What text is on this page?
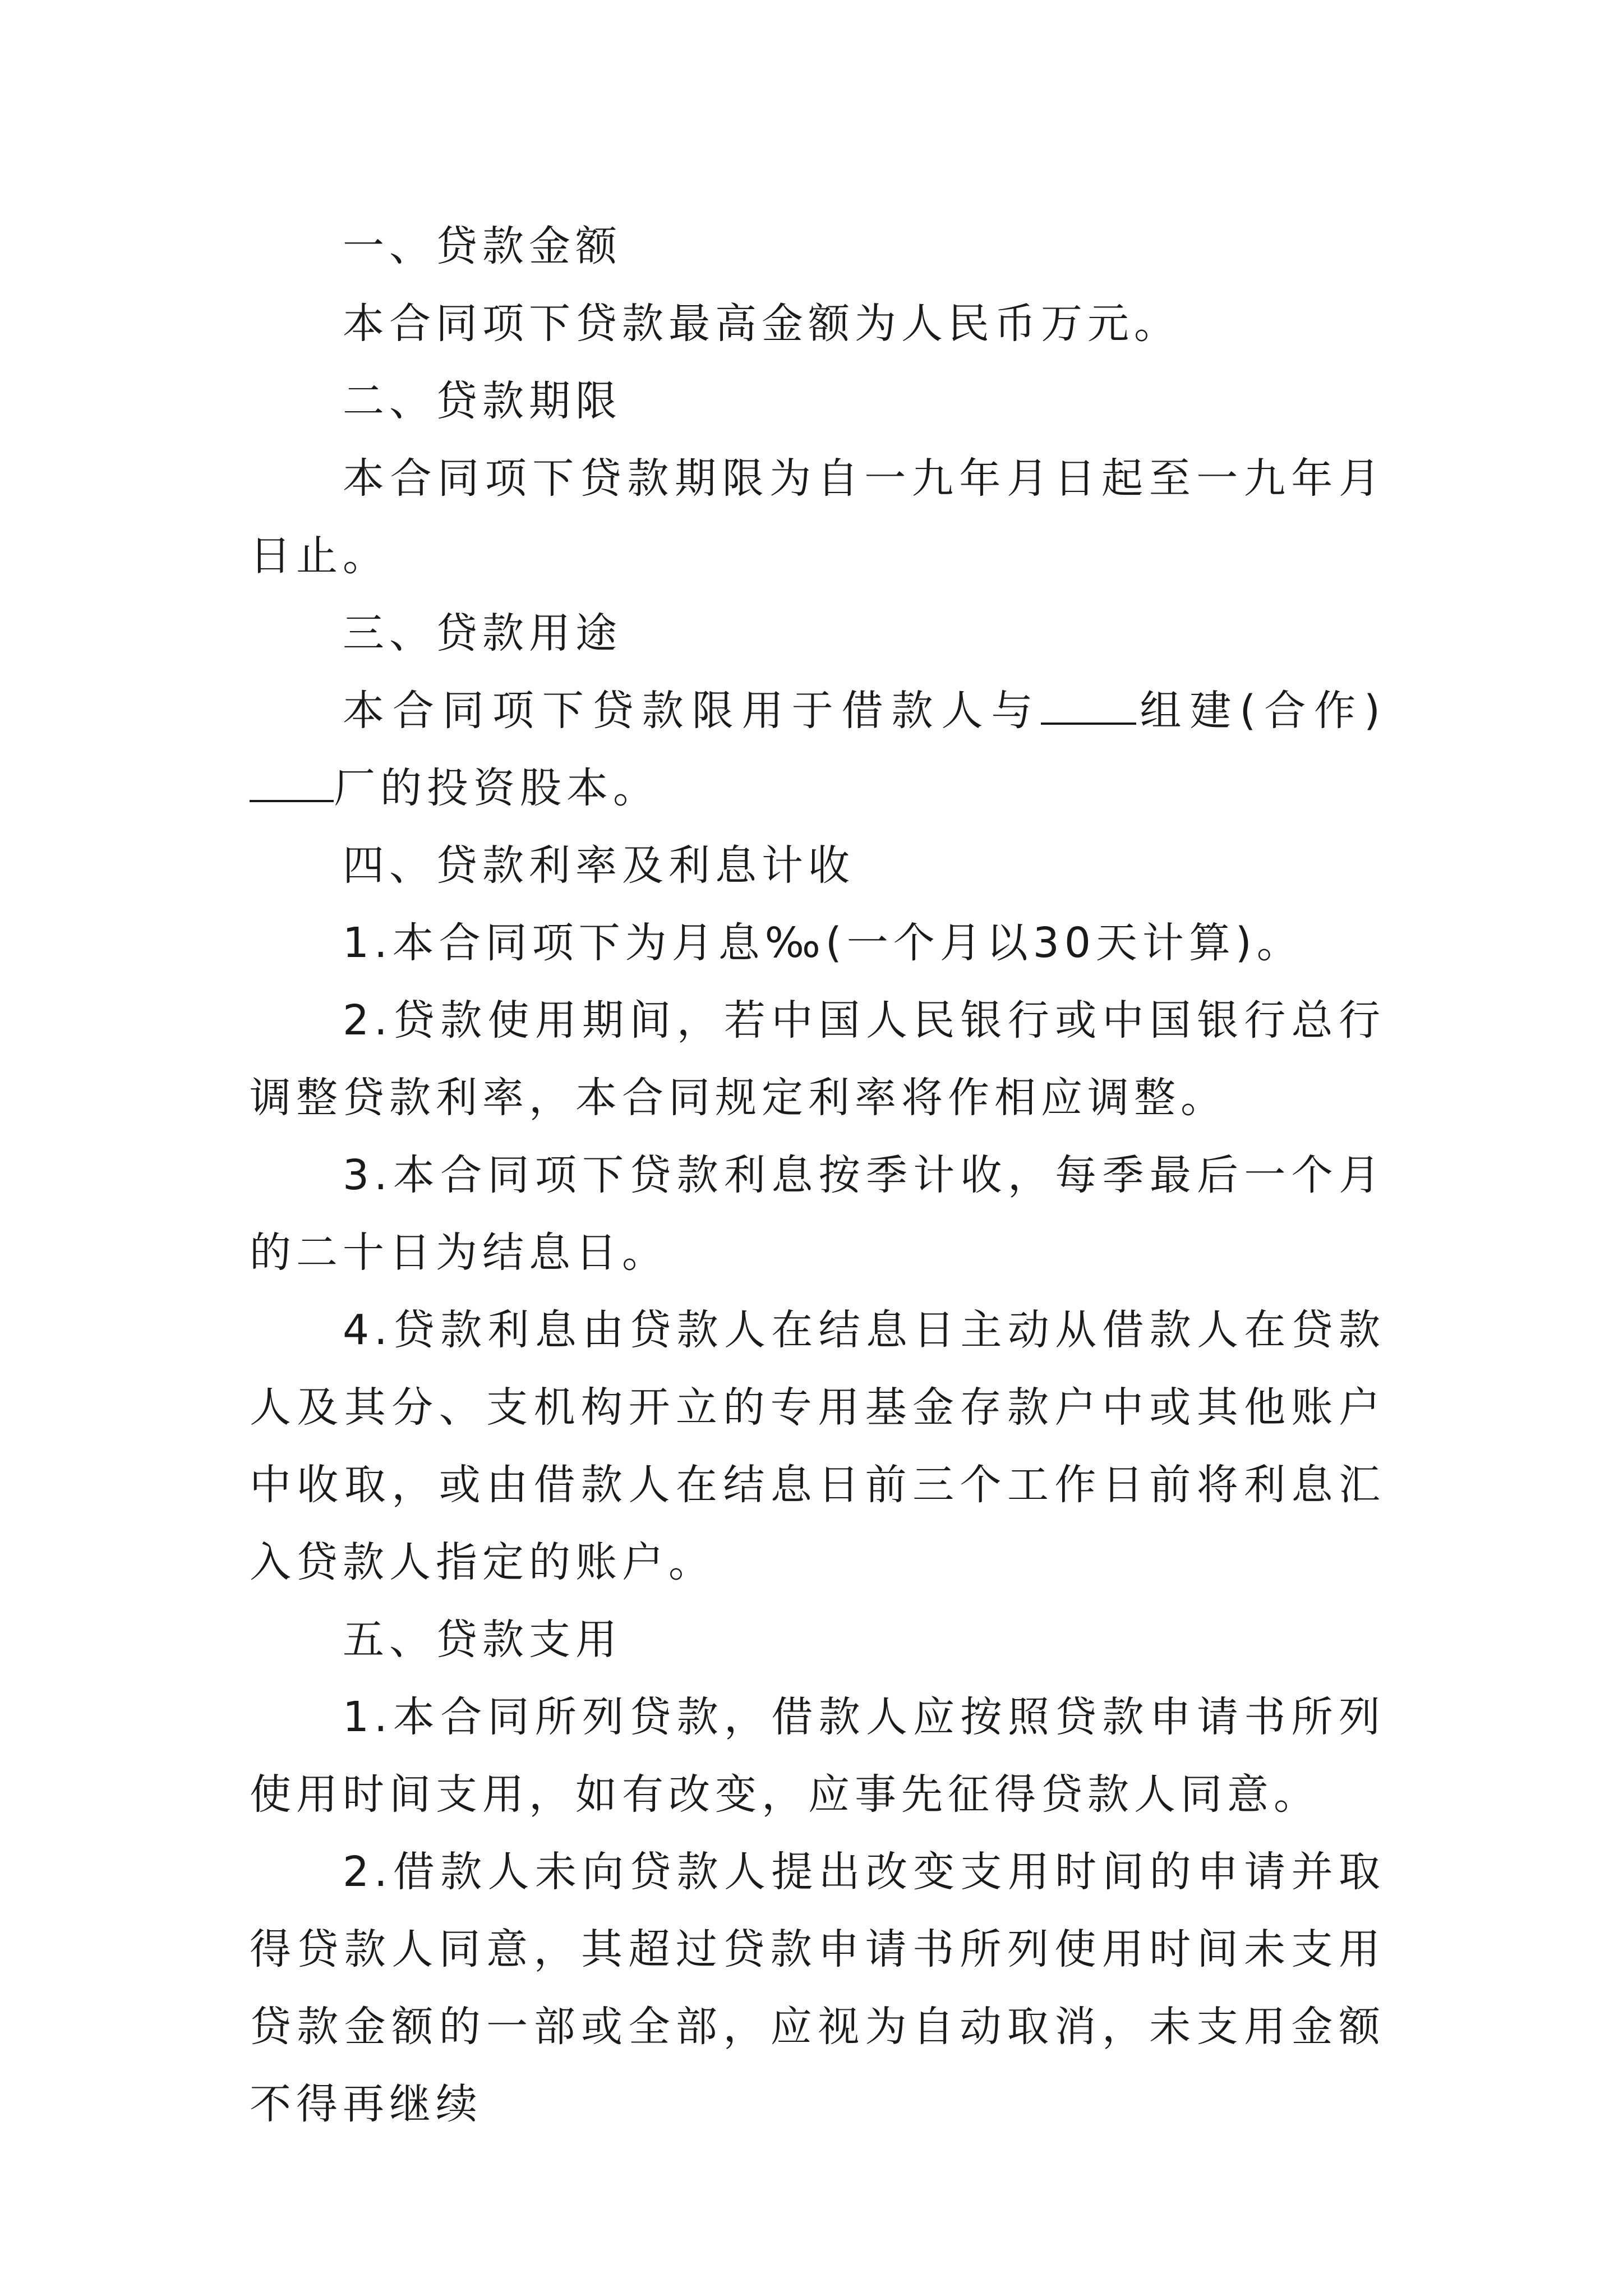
一、贷款金额

本合同项下贷款最高金额为人民币万元。

二、贷款期限

本合同项下贷款期限为自一九年月日起至一九年月日止。

三、贷款用途

本合同项下贷款限用于借款人与 组建(合作)厂的投资股本。

四、贷款利率及利息计收

1.本合同项下为月息‰(一个月以30天计算)。

2.贷款使用期间，若中国人民银行或中国银行总行调整贷款利率，本合同规定利率将作相应调整。

3.本合同项下贷款利息按季计收，每季最后一个月的二十日为结息日。

4.贷款利息由贷款人在结息日主动从借款人在贷款人及其分、支机构开立的专用基金存款户中或其他账户中收取，或由借款人在结息日前三个工作日前将利息汇入贷款人指定的账户。

五、贷款支用

1.本合同所列贷款，借款人应按照贷款申请书所列使用时间支用，如有改变，应事先征得贷款人同意。

2.借款人未向贷款人提出改变支用时间的申请并取得贷款人同意，其超过贷款申请书所列使用时间未支用贷款金额的一部或全部，应视为自动取消，未支用金额不得再继续
